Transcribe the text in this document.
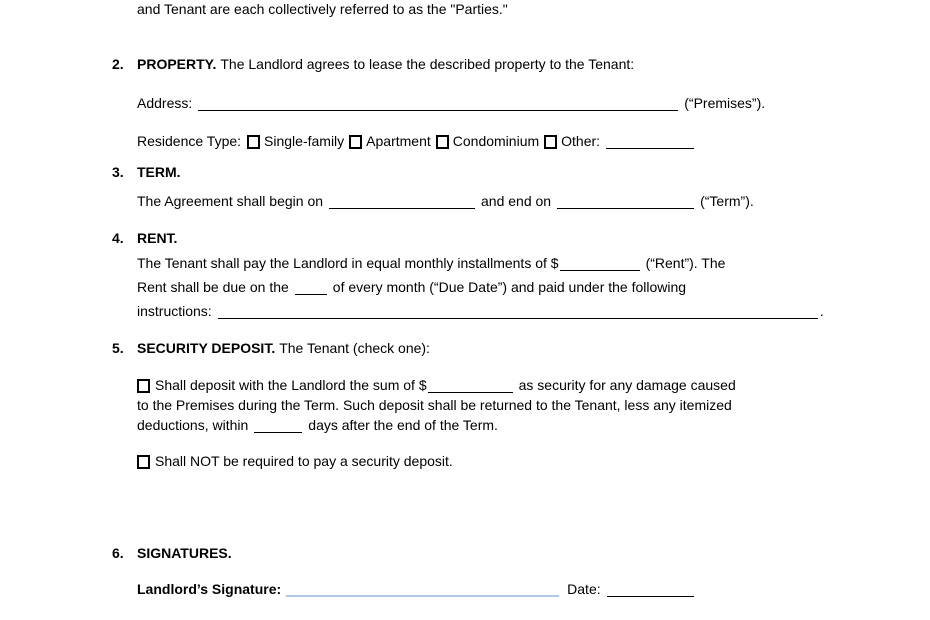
and Tenant are each collectively referred to as the "Parties."
2. PROPERTY. The Landlord agrees to lease the described property to the Tenant:
Address:	(“Premises”).
Residence Type: Single-family Apartment Condominium Other:
3. TERM.
The Agreement shall begin on	and end on	(“Term”).
4. RENT.
The Tenant shall pay the Landlord in equal monthly installments of $	(“Rent”). The
Rent shall be due on the	of every month (“Due Date”) and paid under the following
instructions:	.
5. SECURITY DEPOSIT. The Tenant (check one):
Shall deposit with the Landlord the sum of $	as security for any damage caused
to the Premises during the Term. Such deposit shall be returned to the Tenant, less any itemized
deductions, within	days after the end of the Term.
Shall NOT be required to pay a security deposit.
6. SIGNATURES.
Landlord’s Signature:	Date:
